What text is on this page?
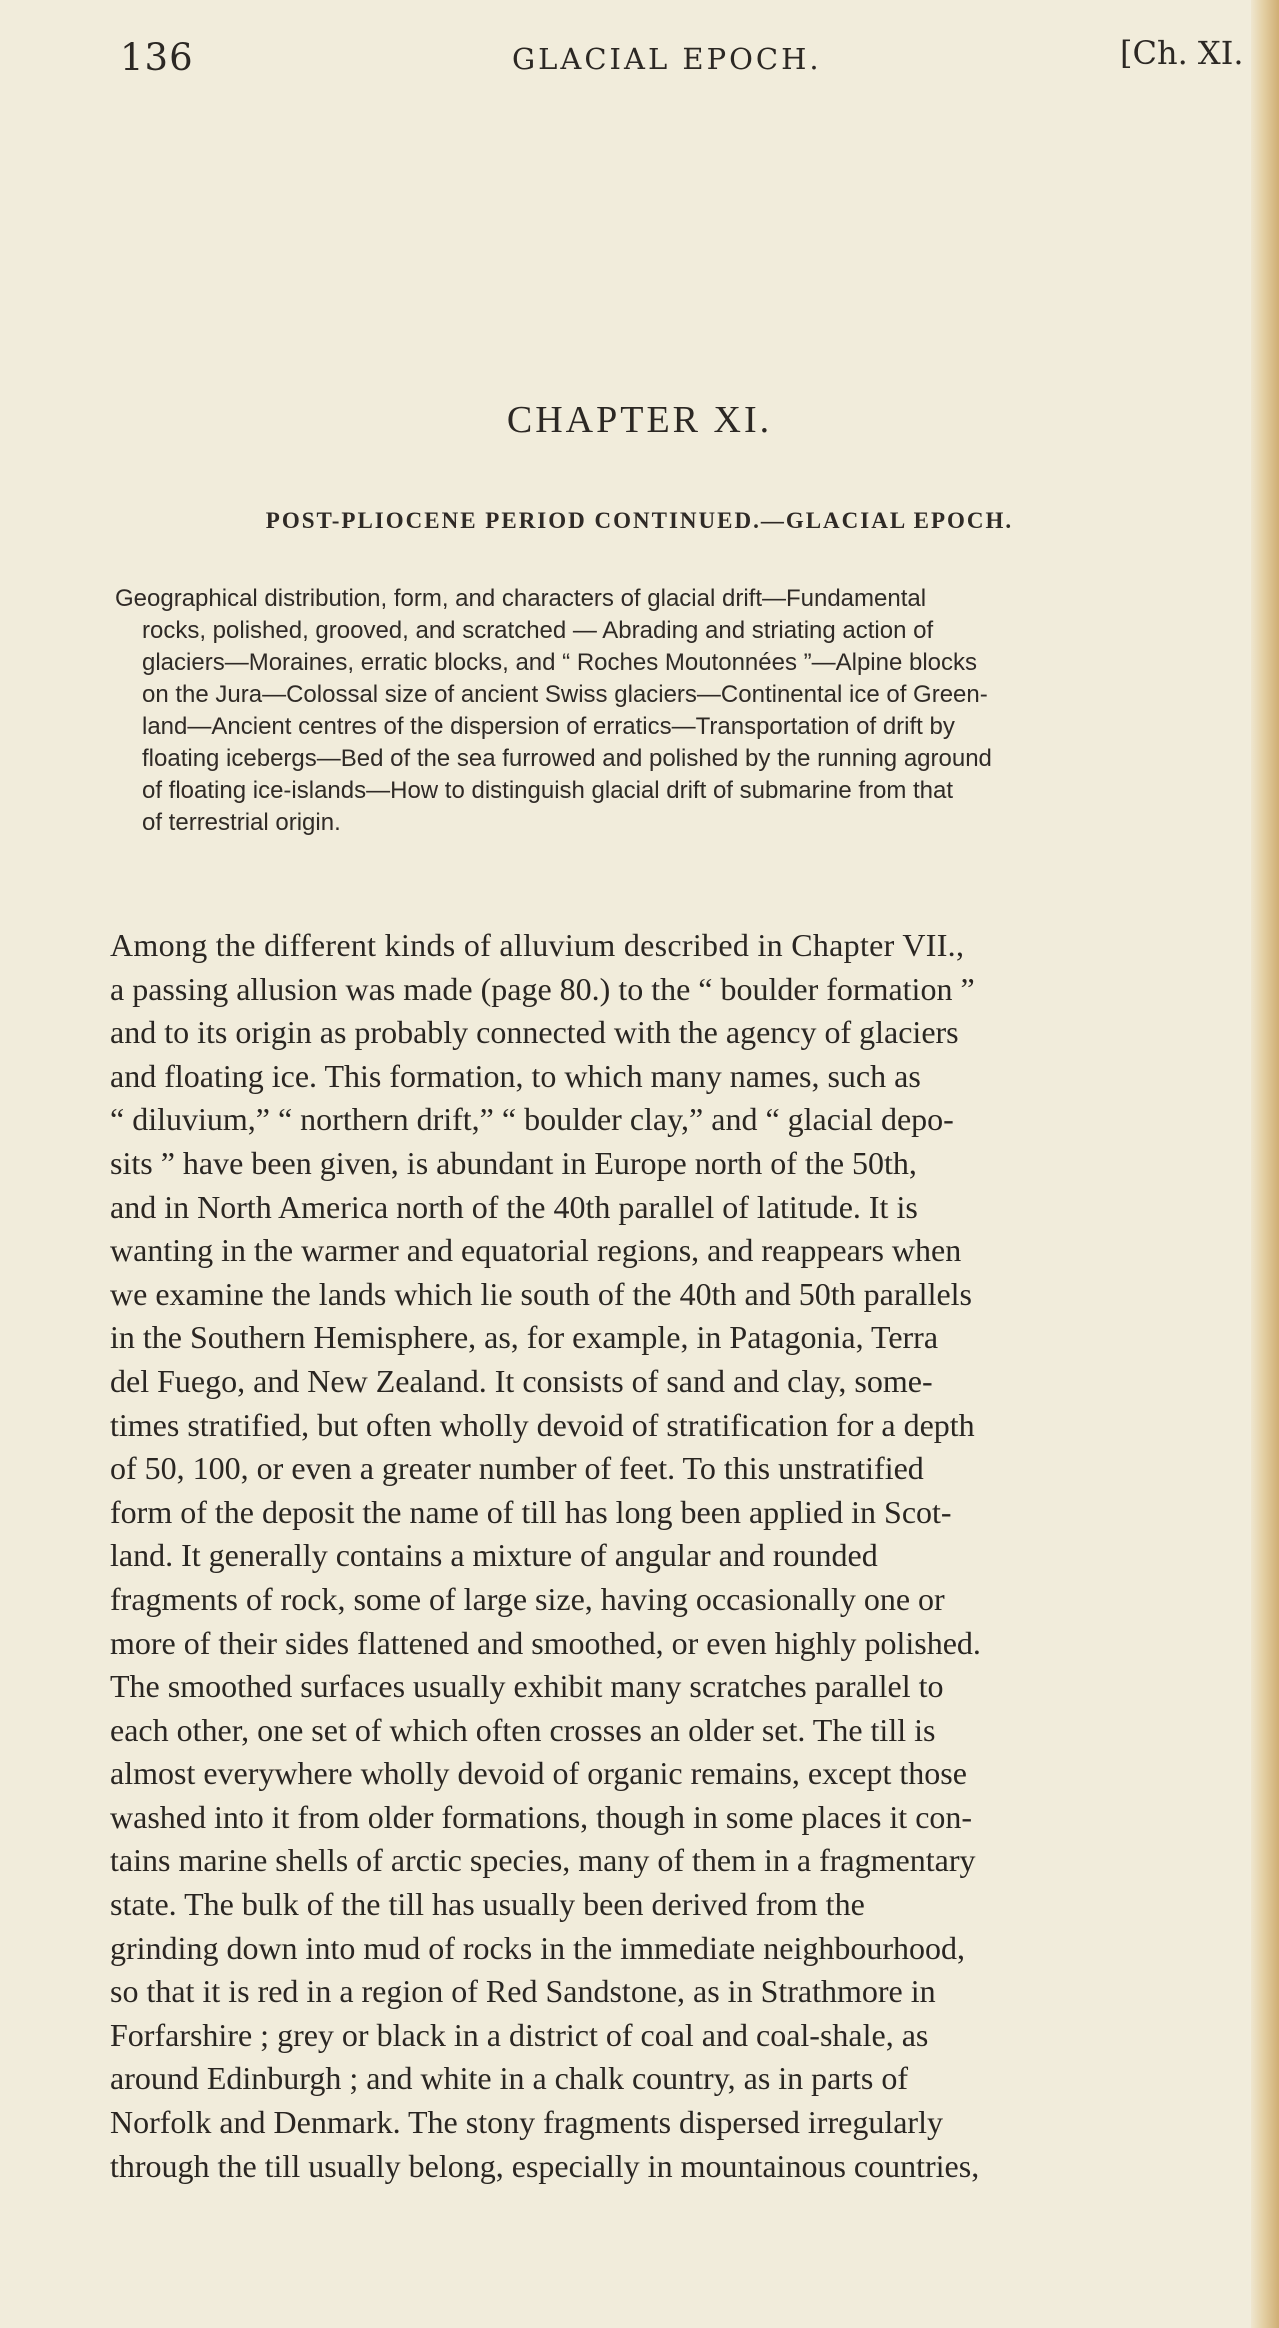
136	GLACIAL EPOCH.	[Ch. XI.
CHAPTER XI.
POST-PLIOCENE PERIOD CONTINUED.—GLACIAL EPOCH.
Geographical distribution, form, and characters of glacial drift—Fundamental
rocks, polished, grooved, and scratched — Abrading and striating action of
glaciers—Moraines, erratic blocks, and “ Roches Moutonnées ”—Alpine blocks
on the Jura—Colossal size of ancient Swiss glaciers—Continental ice of Green-
land—Ancient centres of the dispersion of erratics—Transportation of drift by
floating icebergs—Bed of the sea furrowed and polished by the running aground
of floating ice-islands—How to distinguish glacial drift of submarine from that
of terrestrial origin.
Among the different kinds of alluvium described in Chapter VII.,
a passing allusion was made (page 80.) to the “ boulder formation ”
and to its origin as probably connected with the agency of glaciers
and floating ice. This formation, to which many names, such as
“ diluvium,” “ northern drift,” “ boulder clay,” and “ glacial depo-
sits ” have been given, is abundant in Europe north of the 50th,
and in North America north of the 40th parallel of latitude. It is
wanting in the warmer and equatorial regions, and reappears when
we examine the lands which lie south of the 40th and 50th parallels
in the Southern Hemisphere, as, for example, in Patagonia, Terra
del Fuego, and New Zealand. It consists of sand and clay, some-
times stratified, but often wholly devoid of stratification for a depth
of 50, 100, or even a greater number of feet. To this unstratified
form of the deposit the name of till has long been applied in Scot-
land. It generally contains a mixture of angular and rounded
fragments of rock, some of large size, having occasionally one or
more of their sides flattened and smoothed, or even highly polished.
The smoothed surfaces usually exhibit many scratches parallel to
each other, one set of which often crosses an older set. The till is
almost everywhere wholly devoid of organic remains, except those
washed into it from older formations, though in some places it con-
tains marine shells of arctic species, many of them in a fragmentary
state. The bulk of the till has usually been derived from the
grinding down into mud of rocks in the immediate neighbourhood,
so that it is red in a region of Red Sandstone, as in Strathmore in
Forfarshire ; grey or black in a district of coal and coal-shale, as
around Edinburgh ; and white in a chalk country, as in parts of
Norfolk and Denmark. The stony fragments dispersed irregularly
through the till usually belong, especially in mountainous countries,
